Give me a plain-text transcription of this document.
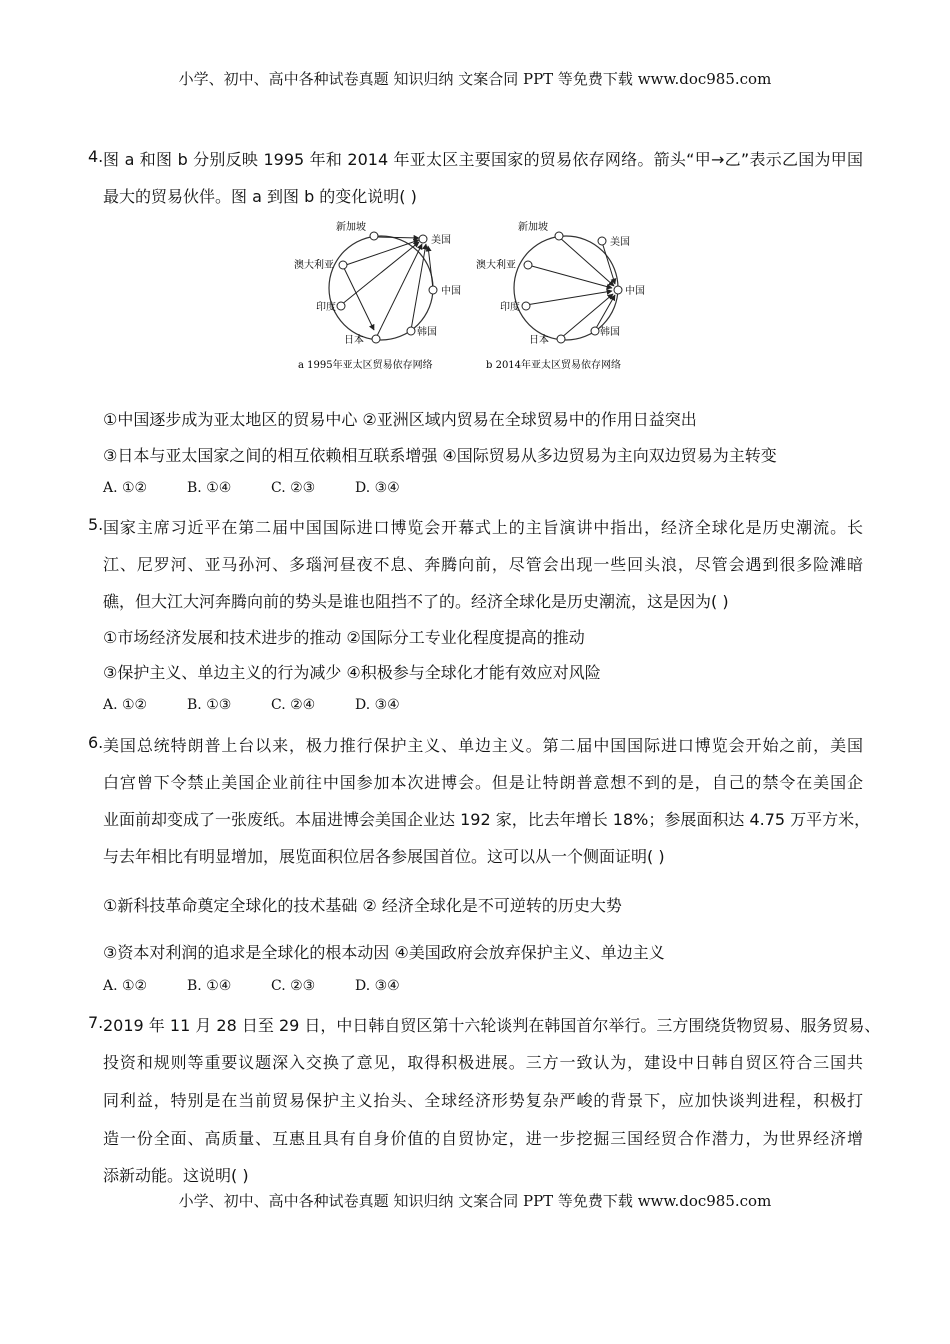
小学、初中、高中各种试卷真题 知识归纳 文案合同 PPT 等免费下载 www.doc985.com
4. 图 a 和图 b 分别反映 1995 年和 2014 年亚太区主要国家的贸易依存网络。箭头“甲→乙”表示乙国为甲国
最大的贸易伙伴。图 a 到图 b 的变化说明( )
新加坡
美国
澳大利亚
中国
印度
日本
韩国
新加坡
美国
澳大利亚
中国
印度
日本
韩国
a 1995年亚太区贸易依存网络	b 2014年亚太区贸易依存网络
①中国逐步成为亚太地区的贸易中心 ②亚洲区域内贸易在全球贸易中的作用日益突出
③日本与亚太国家之间的相互依赖相互联系增强 ④国际贸易从多边贸易为主向双边贸易为主转变
A. ①②	B. ①④	C. ②③	D. ③④
5. 国家主席习近平在第二届中国国际进口博览会开幕式上的主旨演讲中指出，经济全球化是历史潮流。长
江、尼罗河、亚马孙河、多瑙河昼夜不息、奔腾向前，尽管会出现一些回头浪，尽管会遇到很多险滩暗
礁，但大江大河奔腾向前的势头是谁也阻挡不了的。经济全球化是历史潮流，这是因为( )
①市场经济发展和技术进步的推动 ②国际分工专业化程度提高的推动
③保护主义、单边主义的行为减少 ④积极参与全球化才能有效应对风险
A. ①②	B. ①③	C. ②④	D. ③④
6. 美国总统特朗普上台以来，极力推行保护主义、单边主义。第二届中国国际进口博览会开始之前，美国
白宫曾下令禁止美国企业前往中国参加本次进博会。但是让特朗普意想不到的是，自己的禁令在美国企
业面前却变成了一张废纸。本届进博会美国企业达 192 家，比去年增长 18%；参展面积达 4.75 万平方米，
与去年相比有明显增加，展览面积位居各参展国首位。这可以从一个侧面证明( )
①新科技革命奠定全球化的技术基础 ② 经济全球化是不可逆转的历史大势
③资本对利润的追求是全球化的根本动因 ④美国政府会放弃保护主义、单边主义
A. ①②	B. ①④	C. ②③	D. ③④
7. 2019 年 11 月 28 日至 29 日，中日韩自贸区第十六轮谈判在韩国首尔举行。三方围绕货物贸易、服务贸易、
投资和规则等重要议题深入交换了意见，取得积极进展。三方一致认为，建设中日韩自贸区符合三国共
同利益，特别是在当前贸易保护主义抬头、全球经济形势复杂严峻的背景下，应加快谈判进程，积极打
造一份全面、高质量、互惠且具有自身价值的自贸协定，进一步挖掘三国经贸合作潜力，为世界经济增
添新动能。这说明( )
小学、初中、高中各种试卷真题 知识归纳 文案合同 PPT 等免费下载 www.doc985.com
